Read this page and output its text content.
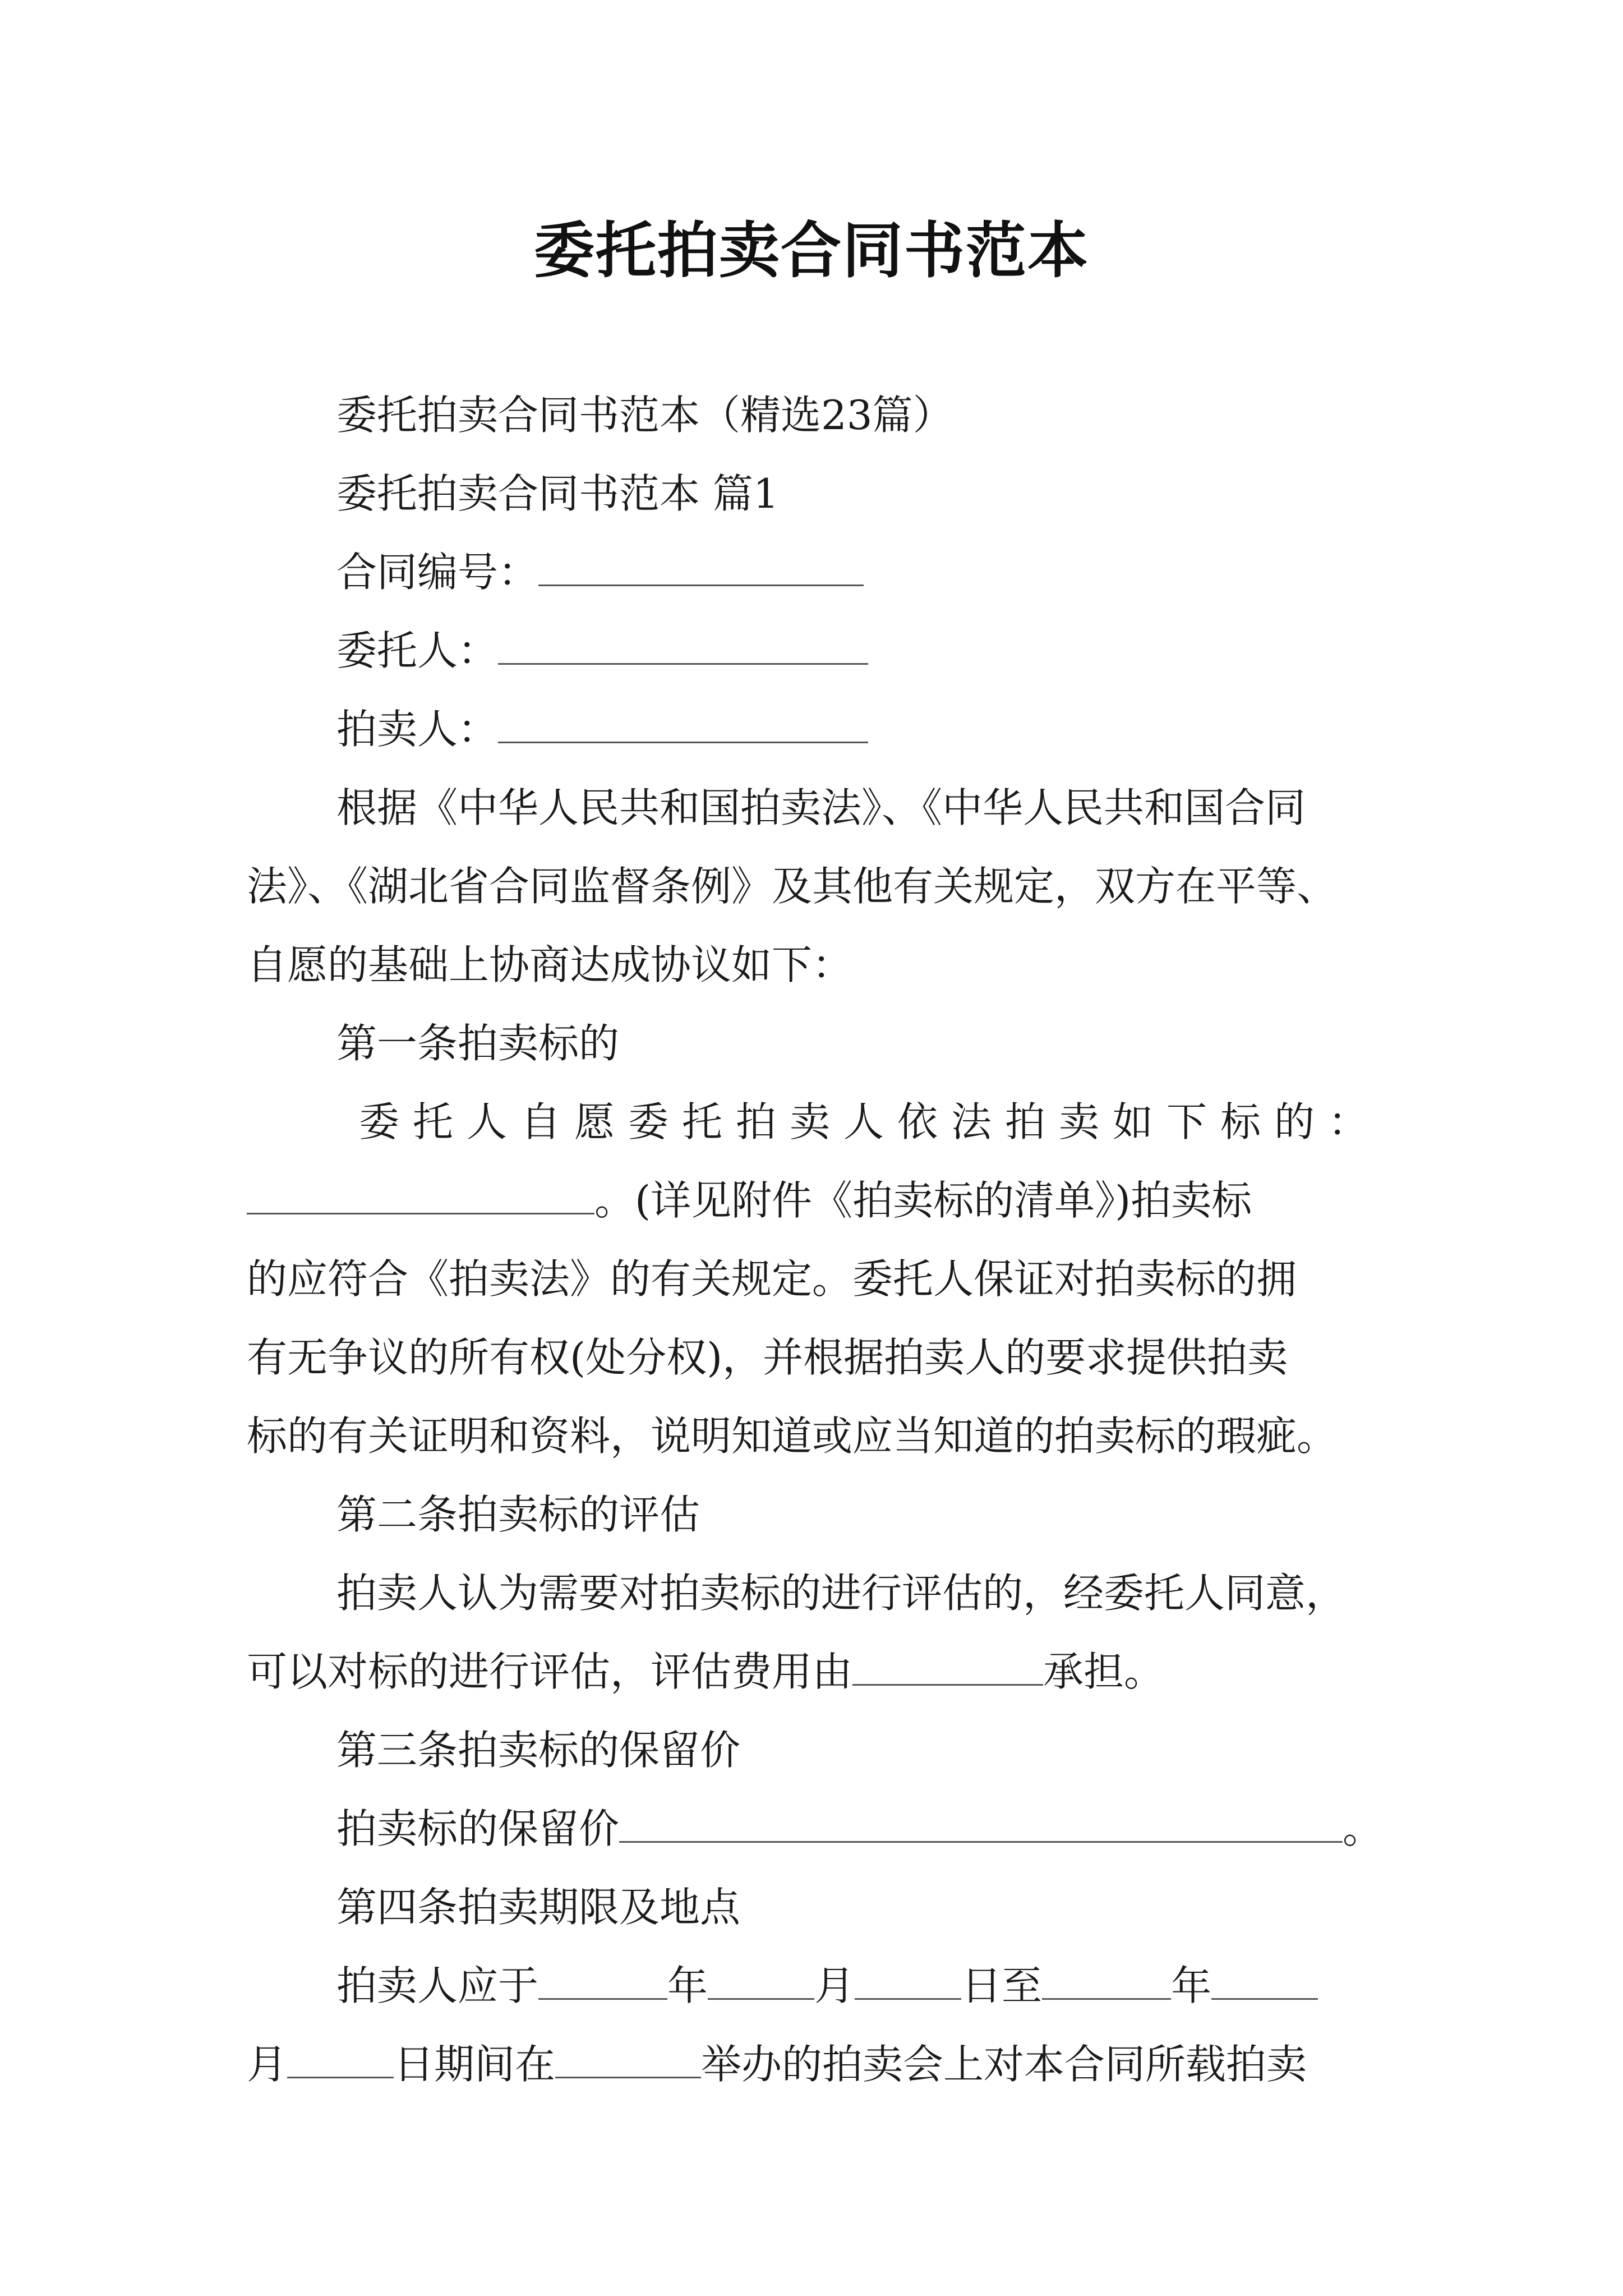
委托拍卖合同书范本
委托拍卖合同书范本（精选23篇）
委托拍卖合同书范本 篇1
合同编号：
委托人：
拍卖人：
根据《中华人民共和国拍卖法》、《中华人民共和国合同
法》、《湖北省合同监督条例》及其他有关规定，双方在平等、
自愿的基础上协商达成协议如下：
第一条拍卖标的
委托人自愿委托拍卖人依法拍卖如下标的：
。(详见附件《拍卖标的清单》)拍卖标
的应符合《拍卖法》的有关规定。委托人保证对拍卖标的拥
有无争议的所有权(处分权)，并根据拍卖人的要求提供拍卖
标的有关证明和资料，说明知道或应当知道的拍卖标的瑕疵。
第二条拍卖标的评估
拍卖人认为需要对拍卖标的进行评估的，经委托人同意，
可以对标的进行评估，评估费用由	承担。
第三条拍卖标的保留价
拍卖标的保留价	。
第四条拍卖期限及地点
拍卖人应于	年	月	日至	年
月	日期间在	举办的拍卖会上对本合同所载拍卖
